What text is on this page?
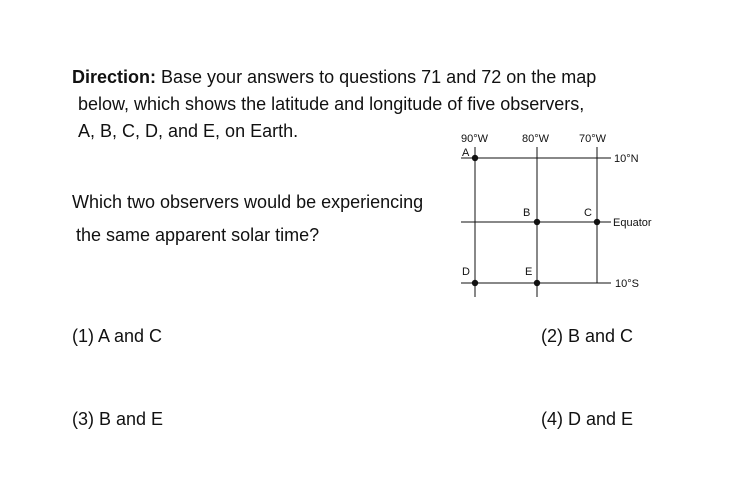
Direction: Base your answers to questions 71 and 72 on the map
below, which shows the latitude and longitude of five observers,
A, B, C, D, and E, on Earth.
Which two observers would be experiencing
the same apparent solar time?
(1) A and C	(2) B and C
(3) B and E	(4) D and E
90°W	80°W	70°W
10°N
Equator
10°S
A
B	C
D	E
